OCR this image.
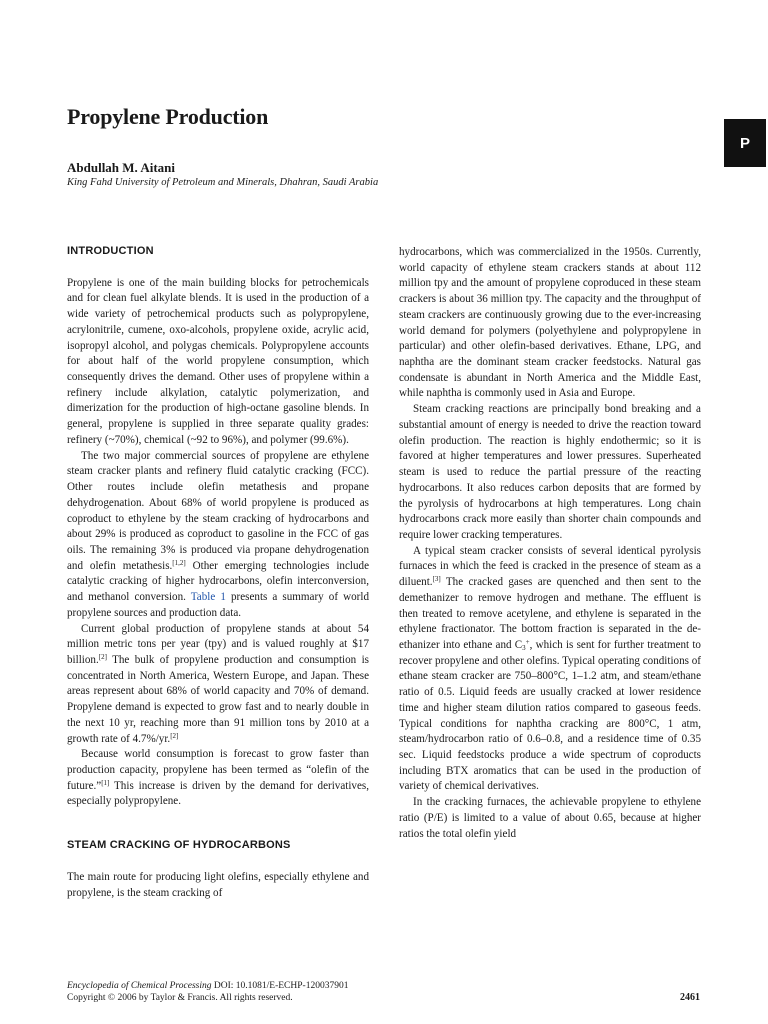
Propylene Production
Abdullah M. Aitani
King Fahd University of Petroleum and Minerals, Dhahran, Saudi Arabia
P
INTRODUCTION

Propylene is one of the main building blocks for petrochemicals and for clean fuel alkylate blends. It is used in the production of a wide variety of petrochemical products such as polypropylene, acrylonitrile, cumene, oxo-alcohols, propylene oxide, acrylic acid, isopropyl alcohol, and polygas chemicals. Polypropylene accounts for about half of the world propylene consumption, which consequently drives the demand. Other uses of propylene within a refinery include alkylation, catalytic polymerization, and dimerization for the production of high-octane gasoline blends. In general, propylene is supplied in three separate quality grades: refinery (~70%), chemical (~92 to 96%), and polymer (99.6%).

The two major commercial sources of propylene are ethylene steam cracker plants and refinery fluid catalytic cracking (FCC). Other routes include olefin metathesis and propane dehydrogenation. About 68% of world propylene is produced as coproduct to ethylene by the steam cracking of hydrocarbons and about 29% is produced as coproduct to gasoline in the FCC of gas oils. The remaining 3% is produced via propane dehydrogenation and olefin metathesis.[1,2] Other emerging technologies include catalytic cracking of higher hydrocarbons, olefin interconversion, and methanol conversion. Table 1 presents a summary of world propylene sources and production data.

Current global production of propylene stands at about 54 million metric tons per year (tpy) and is valued roughly at $17 billion.[2] The bulk of propylene production and consumption is concentrated in North America, Western Europe, and Japan. These areas represent about 68% of world capacity and 70% of demand. Propylene demand is expected to grow fast and to nearly double in the next 10 yr, reaching more than 91 million tons by 2010 at a growth rate of 4.7%/yr.[2]

Because world consumption is forecast to grow faster than production capacity, propylene has been termed as “olefin of the future.”[1] This increase is driven by the demand for derivatives, especially polypropylene.

STEAM CRACKING OF HYDROCARBONS

The main route for producing light olefins, especially ethylene and propylene, is the steam cracking of

hydrocarbons, which was commercialized in the 1950s. Currently, world capacity of ethylene steam crackers stands at about 112 million tpy and the amount of propylene coproduced in these steam crackers is about 36 million tpy. The capacity and the throughput of steam crackers are continuously growing due to the ever-increasing world demand for polymers (polyethylene and polypropylene in particular) and other olefin-based derivatives. Ethane, LPG, and naphtha are the dominant steam cracker feedstocks. Natural gas condensate is abundant in North America and the Middle East, while naphtha is commonly used in Asia and Europe.

Steam cracking reactions are principally bond breaking and a substantial amount of energy is needed to drive the reaction toward olefin production. The reaction is highly endothermic; so it is favored at higher temperatures and lower pressures. Superheated steam is used to reduce the partial pressure of the reacting hydrocarbons. It also reduces carbon deposits that are formed by the pyrolysis of hydrocarbons at high temperatures. Long chain hydrocarbons crack more easily than shorter chain compounds and require lower cracking temperatures.

A typical steam cracker consists of several identical pyrolysis furnaces in which the feed is cracked in the presence of steam as a diluent.[3] The cracked gases are quenched and then sent to the demethanizer to remove hydrogen and methane. The effluent is then treated to remove acetylene, and ethylene is separated in the ethylene fractionator. The bottom fraction is separated in the de-ethanizer into ethane and $C_3^+$, which is sent for further treatment to recover propylene and other olefins. Typical operating conditions of ethane steam cracker are 750–800°C, 1–1.2 atm, and steam/ethane ratio of 0.5. Liquid feeds are usually cracked at lower residence time and higher steam dilution ratios compared to gaseous feeds. Typical conditions for naphtha cracking are 800°C, 1 atm, steam/hydrocarbon ratio of 0.6–0.8, and a residence time of 0.35 sec. Liquid feedstocks produce a wide spectrum of coproducts including BTX aromatics that can be used in the production of variety of chemical derivatives.

In the cracking furnaces, the achievable propylene to ethylene ratio (P/E) is limited to a value of about 0.65, because at higher ratios the total olefin yield

Encyclopedia of Chemical Processing DOI: 10.1081/E-ECHP-120037901
Copyright © 2006 by Taylor & Francis. All rights reserved.	2461
